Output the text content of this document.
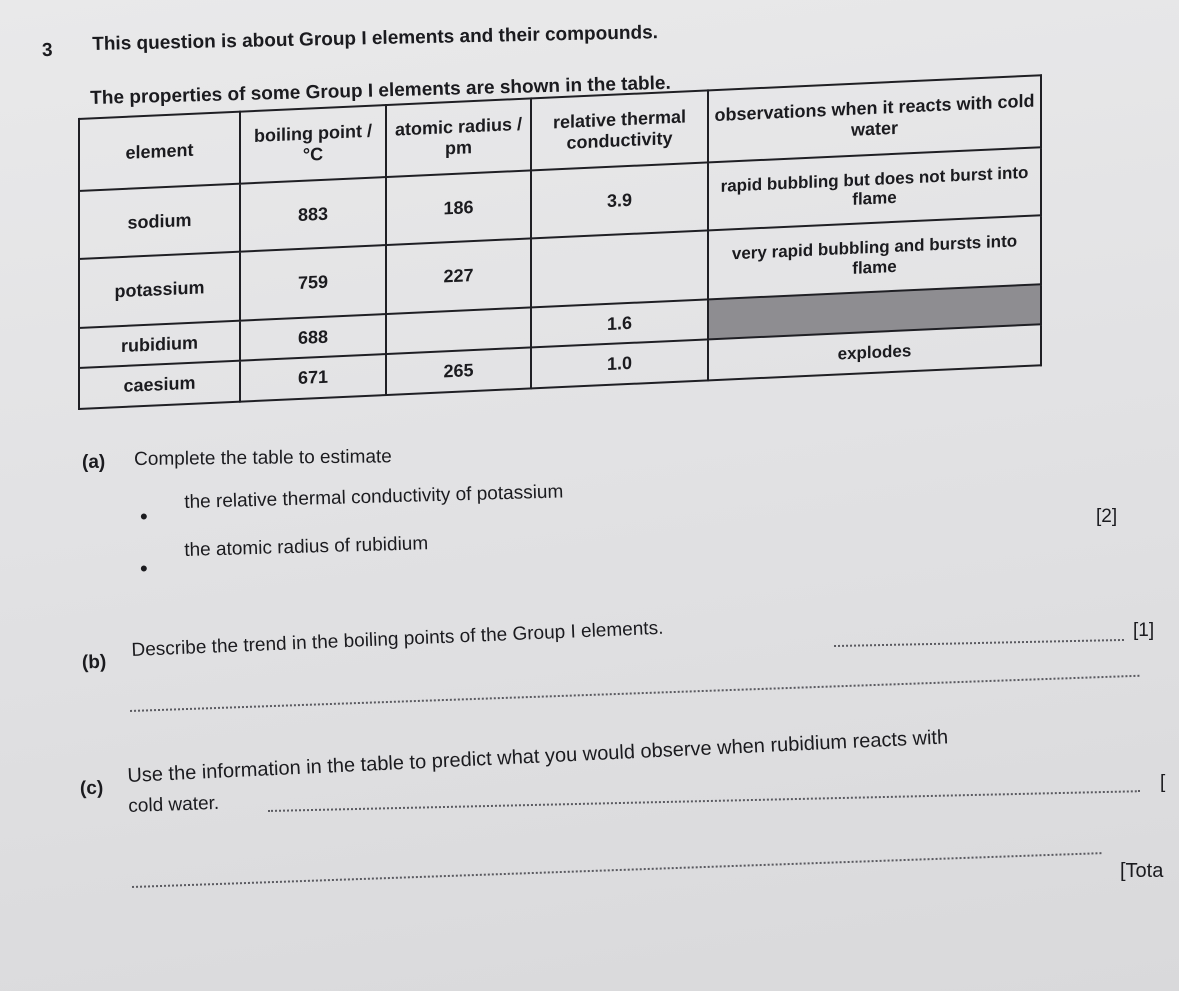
3 This question is about Group I elements and their compounds.
The properties of some Group I elements are shown in the table.
element	boiling point / °C	atomic radius / pm	relative thermal conductivity	observations when it reacts with cold water
sodium	883	186	3.9	rapid bubbling but does not burst into flame
potassium	759	227		very rapid bubbling and bursts into flame
rubidium	688		1.6	
caesium	671	265	1.0	explodes
(a) Complete the table to estimate
•
the relative thermal conductivity of potassium
•
the atomic radius of rubidium
[2]
(b)
Describe the trend in the boiling points of the Group I elements.	[1]
(c)
Use the information in the table to predict what you would observe when rubidium reacts with
cold water.
[
[Tota
